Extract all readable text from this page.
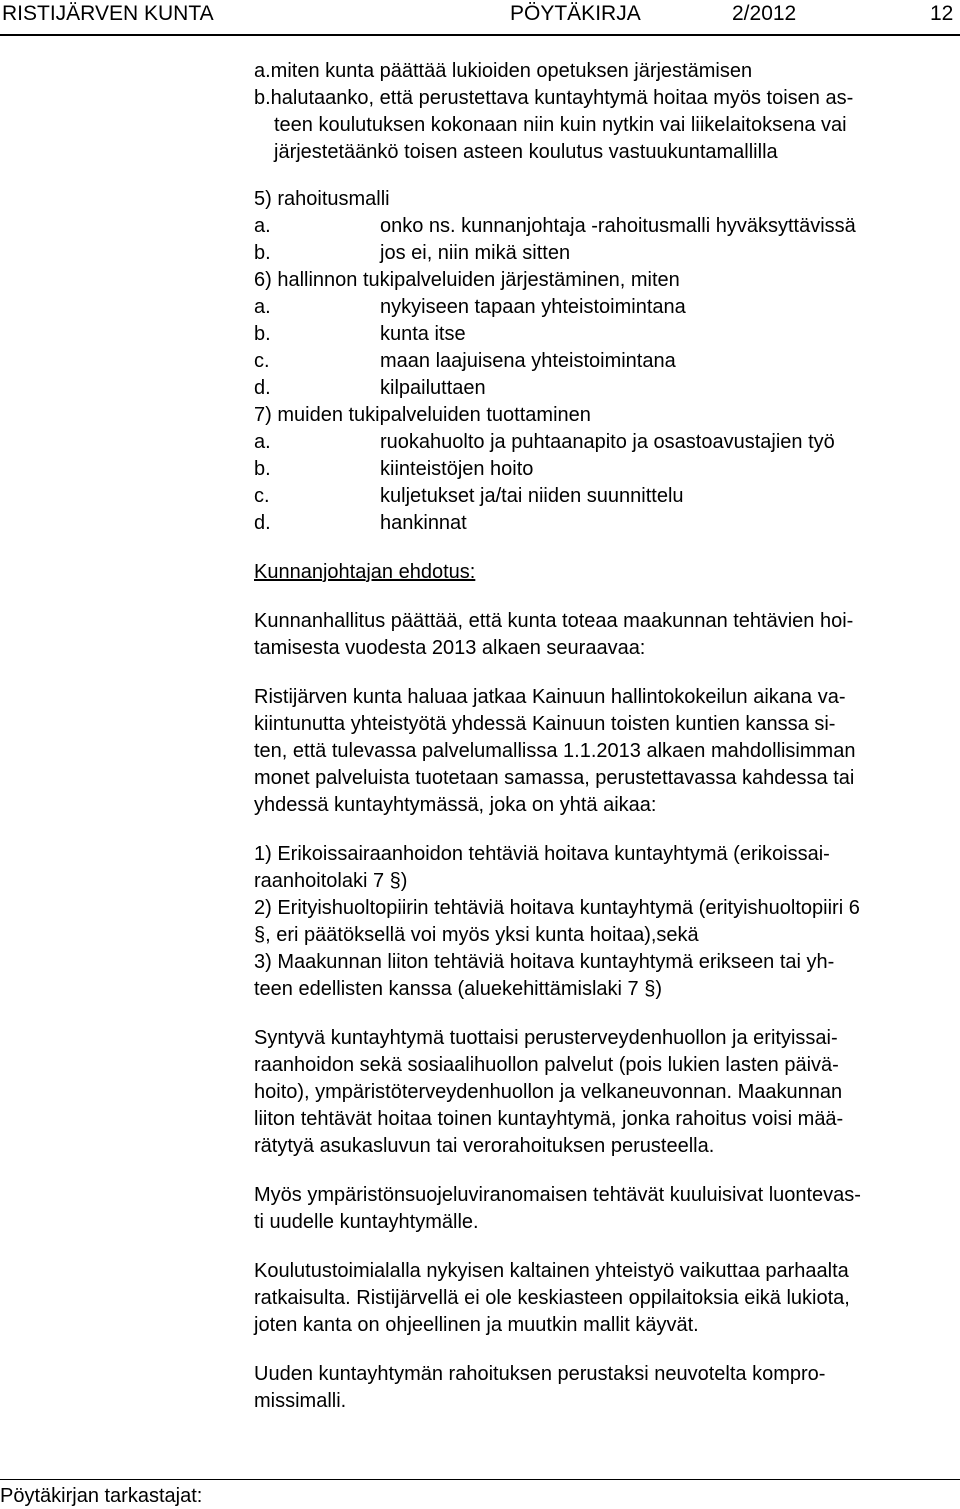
RISTIJÄRVEN KUNTA	PÖYTÄKIRJA	2/2012	12
a.miten kunta päättää lukioiden opetuksen järjestämisen
b.halutaanko, että perustettava kuntayhtymä hoitaa myös toisen as-
teen koulutuksen kokonaan niin kuin nytkin vai liikelaitoksena vai
järjestetäänkö toisen asteen koulutus vastuukuntamallilla
5) rahoitusmalli
a.	onko ns. kunnanjohtaja -rahoitusmalli hyväksyttävissä
b.	jos ei, niin mikä sitten
6) hallinnon tukipalveluiden järjestäminen, miten
a.	nykyiseen tapaan yhteistoimintana
b.	kunta itse
c.	maan laajuisena yhteistoimintana
d.	kilpailuttaen
7) muiden tukipalveluiden tuottaminen
a.	ruokahuolto ja puhtaanapito ja osastoavustajien työ
b.	kiinteistöjen hoito
c.	kuljetukset ja/tai niiden suunnittelu
d.	hankinnat
Kunnanjohtajan ehdotus:
Kunnanhallitus päättää, että kunta toteaa maakunnan tehtävien hoi-
tamisesta vuodesta 2013 alkaen seuraavaa:
Ristijärven kunta haluaa jatkaa Kainuun hallintokokeilun aikana va-
kiintunutta yhteistyötä yhdessä Kainuun toisten kuntien kanssa si-
ten, että tulevassa palvelumallissa 1.1.2013 alkaen mahdollisimman
monet palveluista tuotetaan samassa, perustettavassa kahdessa tai
yhdessä kuntayhtymässä, joka on yhtä aikaa:
1) Erikoissairaanhoidon tehtäviä hoitava kuntayhtymä (erikoissai-
raanhoitolaki 7 §)
2) Erityishuoltopiirin tehtäviä hoitava kuntayhtymä (erityishuoltopiiri 6
§, eri päätöksellä voi myös yksi kunta hoitaa),sekä
3) Maakunnan liiton tehtäviä hoitava kuntayhtymä erikseen tai yh-
teen edellisten kanssa (aluekehittämislaki 7 §)
Syntyvä kuntayhtymä tuottaisi perusterveydenhuollon ja erityissai-
raanhoidon sekä sosiaalihuollon palvelut (pois lukien lasten päivä-
hoito), ympäristöterveydenhuollon ja velkaneuvonnan. Maakunnan
liiton tehtävät hoitaa toinen kuntayhtymä, jonka rahoitus voisi mää-
rätytyä asukasluvun tai verorahoituksen perusteella.
Myös ympäristönsuojeluviranomaisen tehtävät kuuluisivat luontevas-
ti uudelle kuntayhtymälle.
Koulutustoimialalla nykyisen kaltainen yhteistyö vaikuttaa parhaalta
ratkaisulta. Ristijärvellä ei ole keskiasteen oppilaitoksia eikä lukiota,
joten kanta on ohjeellinen ja muutkin mallit käyvät.
Uuden kuntayhtymän rahoituksen perustaksi neuvotelta kompro-
missimalli.
Pöytäkirjan tarkastajat:
